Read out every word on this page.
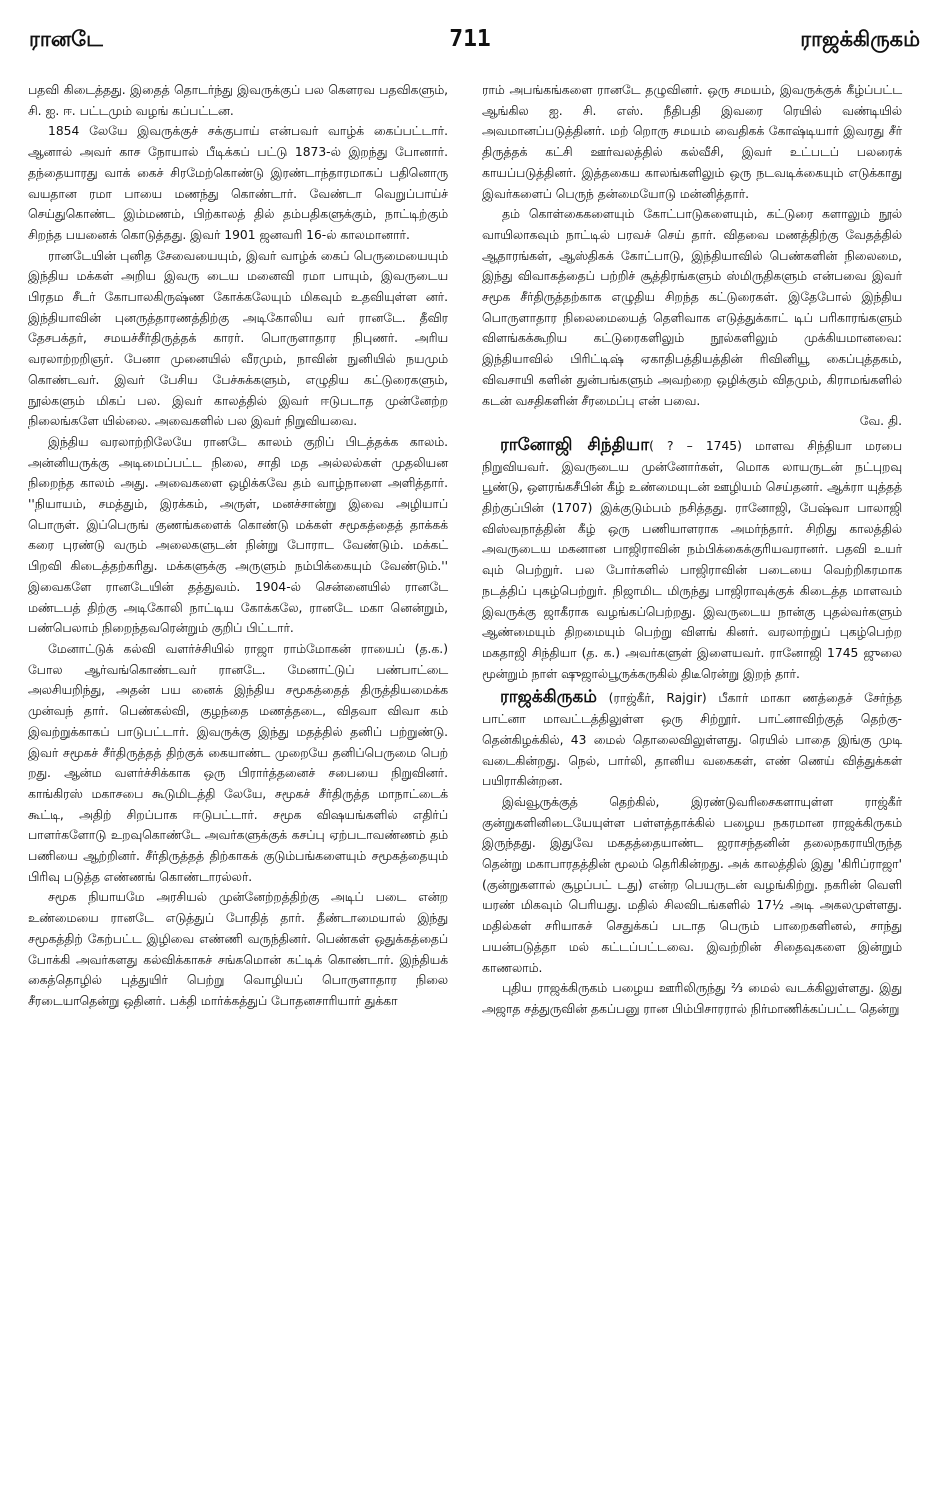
711
ரானடே	ராஜக்கிருகம்

பதவி கிடைத்தது. இதைத் தொடர்ந்து இவருக்குப் பல கௌரவ பதவிகளும், சி. ஐ. ஈ. பட்டமும் வழங் கப்பட்டன.

1854 லேயே இவருக்குச் சக்குபாய் என்பவர் வாழ்க் கைப்பட்டார். ஆனால் அவர் காச நோயால் பீடிக்கப் பட்டு 1873-ல் இறந்து போனார். தந்தையாரது வாக் கைச் சிரமேற்கொண்டு இரண்டாந்தாரமாகப் பதினொரு வயதான ரமா பாயை மணந்து கொண்டார். வேண்டா வெறுப்பாய்ச் செய்துகொண்ட இம்மணம், பிற்காலத் தில் தம்பதிகளுக்கும், நாட்டிற்கும் சிறந்த பயனைக் கொடுத்தது. இவர் 1901 ஜனவரி 16-ல் காலமானார்.

ரானடேயின் புனித சேவையையும், இவர் வாழ்க் கைப் பெருமையையும் இந்திய மக்கள் அறிய இவரு டைய மனைவி ரமா பாயும், இவருடைய பிரதம சீடர் கோபாலகிருஷ்ண கோக்கலேயும் மிகவும் உதவியுள்ள னர். இந்தியாவின் புனருத்தாரணத்திற்கு அடிகோலிய வர் ரானடே. தீவிர தேசபக்தர், சமயச்சீர்திருத்தக் காரர். பொருளாதார நிபுணர். அரிய வரலாற்றறிஞர். பேனா முனையில் வீரமும், நாவின் நுனியில் நயமும் கொண்டவர். இவர் பேசிய பேச்சுக்களும், எழுதிய கட்டுரைகளும், நூல்களும் மிகப் பல. இவர் காலத்தில் இவர் ஈடுபடாத முன்னேற்ற நிலைங்களே யில்லை. அவைகளில் பல இவர் நிறுவியவை.

இந்திய வரலாற்றிலேயே ரானடே காலம் குறிப் பிடத்தக்க காலம். அன்னியருக்கு அடிமைப்பட்ட நிலை, சாதி மத அல்லல்கள் முதலியன நிறைந்த காலம் அது. அவைகளை ஒழிக்கவே தம் வாழ்நாளை அளித்தார். ''நியாயம், சமத்தும், இரக்கம், அருள், மனச்சான்று இவை அழியாப் பொருள். இப்பெருங் குணங்களைக் கொண்டு மக்கள் சமூகத்தைத் தாக்கக் கரை புரண்டு வரும் அலைகளுடன் நின்று போராட வேண்டும். மக்கட் பிறவி கிடைத்தற்கரிது. மக்களுக்கு அருளும் நம்பிக்கையும் வேண்டும்.'' இவைகளே ரானடேயின் தத்துவம். 1904-ல் சென்னையில் ரானடே மண்டபத் திற்கு அடிகோலி நாட்டிய கோக்கலே, ரானடே மகா னென்றும், பண்பெலாம் நிறைந்தவரென்றும் குறிப் பிட்டார்.

மேனாட்டுக் கல்வி வளர்ச்சியில் ராஜா ராம்மோகன் ராயைப் (த.க.) போல ஆர்வங்கொண்டவர் ரானடே. மேனாட்டுப் பண்பாட்டை அலசியறிந்து, அதன் பய னைக் இந்திய சமூகத்தைத் திருத்தியமைக்க முன்வந் தார். பெண்கல்வி, குழந்தை மணத்தடை, விதவா விவா கம் இவற்றுக்காகப் பாடுபட்டார். இவருக்கு இந்து மதத்தில் தனிப் பற்றுண்டு. இவர் சமூகச் சீர்திருத்தத் திற்குக் கையாண்ட முறையே தனிப்பெருமை பெற் றது. ஆன்ம வளர்ச்சிக்காக ஒரு பிரார்த்தனைச் சபையை நிறுவினர். காங்கிரஸ் மகாசபை கூடுமிடத்தி லேயே, சமூகச் சீர்திருத்த மாநாட்டைக் கூட்டி, அதிற் சிறப்பாக ஈடுபட்டார். சமூக விஷயங்களில் எதிர்ப் பாளர்களோடு உறவுகொண்டே அவர்களுக்குக் கசப்பு ஏற்படாவண்ணம் தம் பணியை ஆற்றினர். சீர்திருத்தத் திற்காகக் குடும்பங்களையும் சமூகத்தையும் பிரிவு படுத்த எண்ணங் கொண்டாரல்லர்.

சமூக நியாயமே அரசியல் முன்னேற்றத்திற்கு அடிப் படை என்ற உண்மையை ரானடே எடுத்துப் போதித் தார். தீண்டாமையால் இந்து சமூகத்திற் கேற்பட்ட இழிவை எண்ணி வருந்தினர். பெண்கள் ஒதுக்கத்தைப் போக்கி அவர்களது கல்விக்காகச் சங்கமொன் கட்டிக் கொண்டார். இந்தியக் கைத்தொழில் புத்துயிர் பெற்று வொழியப் பொருளாதார நிலை சீரடையாதென்று ஒதினர். பக்தி மார்க்கத்துப் போதனசாரியார் துக்கா

ராம் அபங்கங்களை ரானடே தழுவினர். ஒரு சமயம், இவருக்குக் கீழ்ப்பட்ட ஆங்கில ஐ. சி. எஸ். நீதிபதி இவரை ரெயில் வண்டியில் அவமானப்படுத்தினர். மற் றொரு சமயம் வைதிகக் கோஷ்டியார் இவரது சீர் திருத்தக் கட்சி ஊர்வலத்தில் கல்வீசி, இவர் உட்படப் பலரைக் காயப்படுத்தினர். இத்தகைய காலங்களிலும் ஒரு நடவடிக்கையும் எடுக்காது இவர்களைப் பெருந் தன்மையோடு மன்னித்தார்.

தம் கொள்கைகளையும் கோட்பாடுகளையும், கட்டுரை களாலும் நூல் வாயிலாகவும் நாட்டில் பரவச் செய் தார். விதவை மணத்திற்கு வேதத்தில் ஆதாரங்கள், ஆஸ்திகக் கோட்பாடு, இந்தியாவில் பெண்களின் நிலைமை, இந்து விவாகத்தைப் பற்றிச் சூத்திரங்களும் ஸ்மிருதிகளும் என்பவை இவர் சமூக சீர்திருத்தற்காக எழுதிய சிறந்த கட்டுரைகள். இதேபோல் இந்திய பொருளாதார நிலைமையைத் தெளிவாக எடுத்துக்காட் டிப் பரிகாரங்களும் விளங்கக்கூறிய கட்டுரைகளிலும் நூல்களிலும் முக்கியமானவை: இந்தியாவில் பிரிட்டிஷ் ஏகாதிபத்தியத்தின் ரிவினியூ கைப்புத்தகம், விவசாயி களின் துன்பங்களும் அவற்றை ஒழிக்கும் விதமும், கிராமங்களில் கடன் வசதிகளின் சீரமைப்பு என் பவை.

வே. தி.

ரானோஜி சிந்தியா( ? – 1745) மாளவ சிந்தியா மரபை நிறுவியவர். இவருடைய முன்னோர்கள், மொக லாயருடன் நட்புறவு பூண்டு, ஔரங்கசீபின் கீழ் உண்மையுடன் ஊழியம் செய்தனர். ஆக்ரா யுத்தத் திற்குப்பின் (1707) இக்குடும்பம் நசித்தது. ரானோஜி, பேஷ்வா பாலாஜி விஸ்வநாத்தின் கீழ் ஒரு பணியாளராக அமர்ந்தார். சிறிது காலத்தில் அவருடைய மகனான பாஜிராவின் நம்பிக்கைக்குரியவரானர். பதவி உயர் வும் பெற்றுர். பல போர்களில் பாஜிராவின் படையை வெற்றிகரமாக நடத்திப் புகழ்பெற்றுர். நிஜாமிட மிருந்து பாஜிராவுக்குக் கிடைத்த மாளவம் இவருக்கு ஜாகீராக வழங்கப்பெற்றது. இவருடைய நான்கு புதல்வர்களும் ஆண்மையும் திறமையும் பெற்று விளங் கினர். வரலாற்றுப் புகழ்பெற்ற மகதாஜி சிந்தியா (த. க.) அவர்களுள் இளையவர். ரானோஜி 1745 ஜுலை மூன்றும் நாள் ஷுஜால்பூருக்கருகில் திடீரென்று இறந் தார்.

ராஜக்கிருகம் (ராஜ்கீர், Rajgir) பீகார் மாகா ணத்தைச் சேர்ந்த பாட்னா மாவட்டத்திலுள்ள ஒரு சிற்றூர். பாட்னாவிற்குத் தெற்கு-தென்கிழக்கில், 43 மைல் தொலைவிலுள்ளது. ரெயில் பாதை இங்கு முடி வடைகின்றது. நெல், பார்லி, தானிய வகைகள், எண் ணெய் வித்துக்கள் பயிராகின்றன.

இவ்வூருக்குத் தெற்கில், இரண்டுவரிசைகளாயுள்ள ராஜ்கீர் குன்றுகளினிடையேயுள்ள பள்ளத்தாக்கில் பழைய நகரமான ராஜக்கிருகம் இருந்தது. இதுவே மகதத்தையாண்ட ஜராசந்தனின் தலைநகராயிருந்த தென்று மகாபாரதத்தின் மூலம் தெரிகின்றது. அக் காலத்தில் இது 'கிரிப்ராஜா' (குன்றுகளால் சூழப்பட் டது) என்ற பெயருடன் வழங்கிற்று. நகரின் வெளி யரண் மிகவும் பெரியது. மதில் சிலவிடங்களில் 17½ அடி அகலமுள்ளது. மதில்கள் சரியாகச் செதுக்கப் படாத பெரும் பாறைகளினல், சாந்து பயன்படுத்தா மல் கட்டப்பட்டவை. இவற்றின் சிதைவுகளை இன்றும் காணலாம்.

புதிய ராஜக்கிருகம் பழைய ஊரிலிருந்து ⅔ மைல் வடக்கிலுள்ளது. இது அஜாத சத்துருவின் தகப்பனு ரான பிம்பிசாரரால் நிர்மாணிக்கப்பட்ட தென்று
